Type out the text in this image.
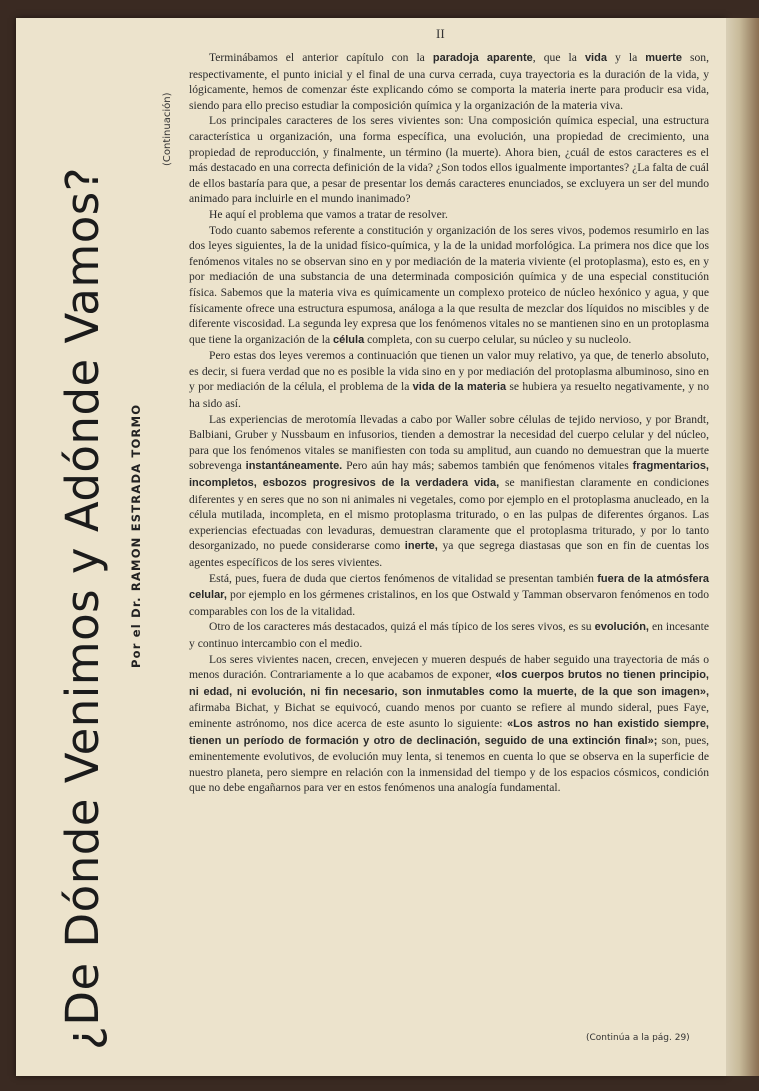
II
¿De Dónde Venimos y Adónde Vamos? Por el Dr. RAMON ESTRADA TORMO
(Continuación)

Terminábamos el anterior capítulo con la paradoja aparente, que la vida y la muerte son, respectivamente, el punto inicial y el final de una curva cerrada, cuya trayectoria es la duración de la vida, y lógicamente, hemos de comenzar éste explicando cómo se comporta la materia inerte para producir esa vida, siendo para ello preciso estudiar la composición química y la organización de la materia viva.

Los principales caracteres de los seres vivientes son: Una composición química especial, una estructura característica u organización, una forma específica, una evolución, una propiedad de crecimiento, una propiedad de reproducción, y finalmente, un término (la muerte). Ahora bien, ¿cuál de estos caracteres es el más destacado en una correcta definición de la vida? ¿Son todos ellos igualmente importantes? ¿La falta de cuál de ellos bastaría para que, a pesar de presentar los demás caracteres enunciados, se excluyera un ser del mundo animado para incluirle en el mundo inanimado?

He aquí el problema que vamos a tratar de resolver.

Todo cuanto sabemos referente a constitución y organización de los seres vivos, podemos resumirlo en las dos leyes siguientes, la de la unidad físico-química, y la de la unidad morfológica. La primera nos dice que los fenómenos vitales no se observan sino en y por mediación de la materia viviente (el protoplasma), esto es, en y por mediación de una substancia de una determinada composición química y de una especial constitución física. Sabemos que la materia viva es químicamente un complexo proteico de núcleo hexónico y agua, y que físicamente ofrece una estructura espumosa, análoga a la que resulta de mezclar dos líquidos no miscibles y de diferente viscosidad. La segunda ley expresa que los fenómenos vitales no se mantienen sino en un protoplasma que tiene la organización de la célula completa, con su cuerpo celular, su núcleo y su nucleolo.

Pero estas dos leyes veremos a continuación que tienen un valor muy relativo, ya que, de tenerlo absoluto, es decir, si fuera verdad que no es posible la vida sino en y por mediación del protoplasma albuminoso, sino en y por mediación de la célula, el problema de la vida de la materia se hubiera ya resuelto negativamente, y no ha sido así.

Las experiencias de merotomía llevadas a cabo por Waller sobre células de tejido nervioso, y por Brandt, Balbiani, Gruber y Nussbaum en infusorios, tienden a demostrar la necesidad del cuerpo celular y del núcleo, para que los fenómenos vitales se manifiesten con toda su amplitud, aun cuando no demuestran que la muerte sobrevenga instantáneamente. Pero aún hay más; sabemos también que fenómenos vitales fragmentarios, incompletos, esbozos progresivos de la verdadera vida, se manifiestan claramente en condiciones diferentes y en seres que no son ni animales ni vegetales, como por ejemplo en el protoplasma anucleado, en la célula mutilada, incompleta, en el mismo protoplasma triturado, o en las pulpas de diferentes órganos. Las experiencias efectuadas con levaduras, demuestran claramente que el protoplasma triturado, y por lo tanto desorganizado, no puede considerarse como inerte, ya que segrega diastasas que son en fin de cuentas los agentes específicos de los seres vivientes.

Está, pues, fuera de duda que ciertos fenómenos de vitalidad se presentan también fuera de la atmósfera celular, por ejemplo en los gérmenes cristalinos, en los que Ostwald y Tamman observaron fenómenos en todo comparables con los de la vitalidad.

Otro de los caracteres más destacados, quizá el más típico de los seres vivos, es su evolución, en incesante y continuo intercambio con el medio.

Los seres vivientes nacen, crecen, envejecen y mueren después de haber seguido una trayectoria de más o menos duración. Contrariamente a lo que acabamos de exponer, «los cuerpos brutos no tienen principio, ni edad, ni evolución, ni fin necesario, son inmutables como la muerte, de la que son imagen», afirmaba Bichat, y Bichat se equivocó, cuando menos por cuanto se refiere al mundo sideral, pues Faye, eminente astrónomo, nos dice acerca de este asunto lo siguiente: «Los astros no han existido siempre, tienen un período de formación y otro de declinación, seguido de una extinción final»; son, pues, eminentemente evolutivos, de evolución muy lenta, si tenemos en cuenta lo que se observa en la superficie de nuestro planeta, pero siempre en relación con la inmensidad del tiempo y de los espacios cósmicos, condición que no debe engañarnos para ver en estos fenómenos una analogía fundamental.

(Continúa a la pág. 29)
